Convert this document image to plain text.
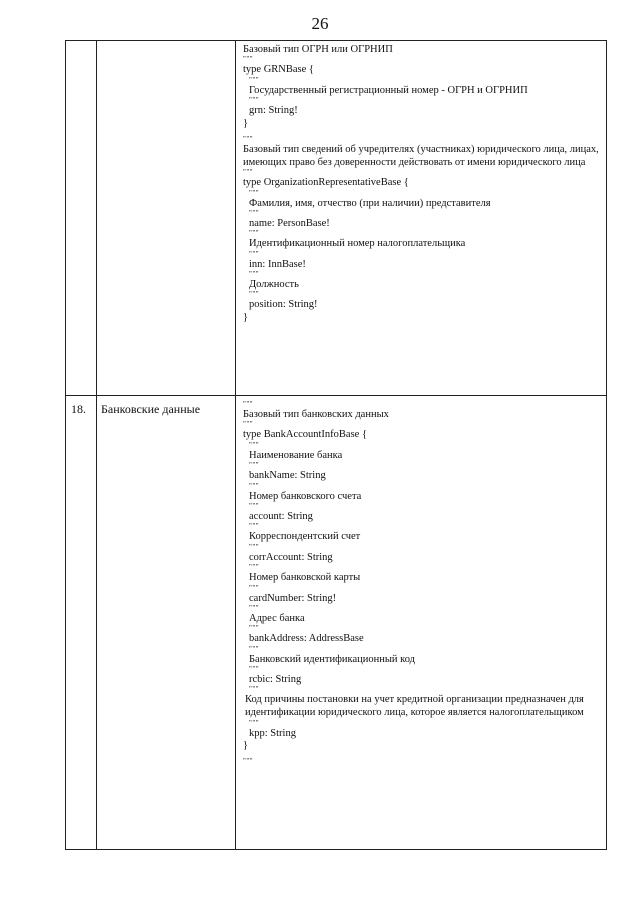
26
18. Банковские данные
Базовый тип ОГРН или ОГРНИП
"""
type GRNBase {
"""
Государственный регистрационный номер - ОГРН и ОГРНИП
"""
grn: String!
}
"""
Базовый тип сведений об учредителях (участниках) юридического лица, лицах, имеющих право без доверенности действовать от имени юридического лица
"""
type OrganizationRepresentativeBase {
"""
Фамилия, имя, отчество (при наличии) представителя
"""
name: PersonBase!
"""
Идентификационный номер налогоплательщика
"""
inn: InnBase!
"""
Должность
"""
position: String!
}
"""
Базовый тип банковских данных
"""
type BankAccountInfoBase {
"""
Наименование банка
"""
bankName: String
"""
Номер банковского счета
"""
account: String
"""
Корреспондентский счет
"""
corrAccount: String
"""
Номер банковской карты
"""
cardNumber: String!
"""
Адрес банка
"""
bankAddress: AddressBase
"""
Банковский идентификационный код
"""
rcbic: String
"""
Код причины постановки на учет кредитной организации предназначен для идентификации юридического лица, которое является налогоплательщиком
"""
kpp: String
}
"""
